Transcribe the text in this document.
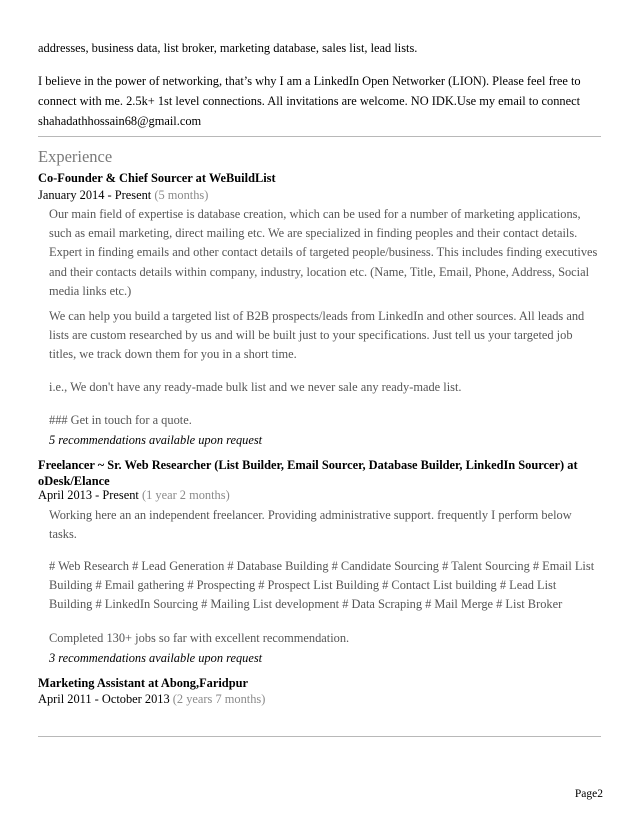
addresses, business data, list broker, marketing database, sales list, lead lists.
I believe in the power of networking, that’s why I am a LinkedIn Open Networker (LION). Please feel free to connect with me. 2.5k+ 1st level connections. All invitations are welcome. NO IDK.Use my email to connect shahadathhossain68@gmail.com
Experience
Co-Founder & Chief Sourcer at WeBuildList
January 2014 - Present (5 months)

Our main field of expertise is database creation, which can be used for a number of marketing applications, such as email marketing, direct mailing etc. We are specialized in finding peoples and their contact details. Expert in finding emails and other contact details of targeted people/business. This includes finding executives and their contacts details within company, industry, location etc. (Name, Title, Email, Phone, Address, Social media links etc.)

We can help you build a targeted list of B2B prospects/leads from LinkedIn and other sources. All leads and lists are custom researched by us and will be built just to your specifications. Just tell us your targeted job titles, we track down them for you in a short time.

i.e., We don't have any ready-made bulk list and we never sale any ready-made list.

### Get in touch for a quote.

5 recommendations available upon request
Freelancer ~ Sr. Web Researcher (List Builder, Email Sourcer, Database Builder, LinkedIn Sourcer) at oDesk/Elance
April 2013 - Present (1 year 2 months)

Working here an an independent freelancer. Providing administrative support. frequently I perform below tasks.

# Web Research # Lead Generation # Database Building # Candidate Sourcing # Talent Sourcing # Email List Building # Email gathering # Prospecting # Prospect List Building # Contact List building # Lead List Building # LinkedIn Sourcing # Mailing List development # Data Scraping # Mail Merge # List Broker

Completed 130+ jobs so far with excellent recommendation.

3 recommendations available upon request
Marketing Assistant at Abong,Faridpur
April 2011 - October 2013 (2 years 7 months)
Page2
